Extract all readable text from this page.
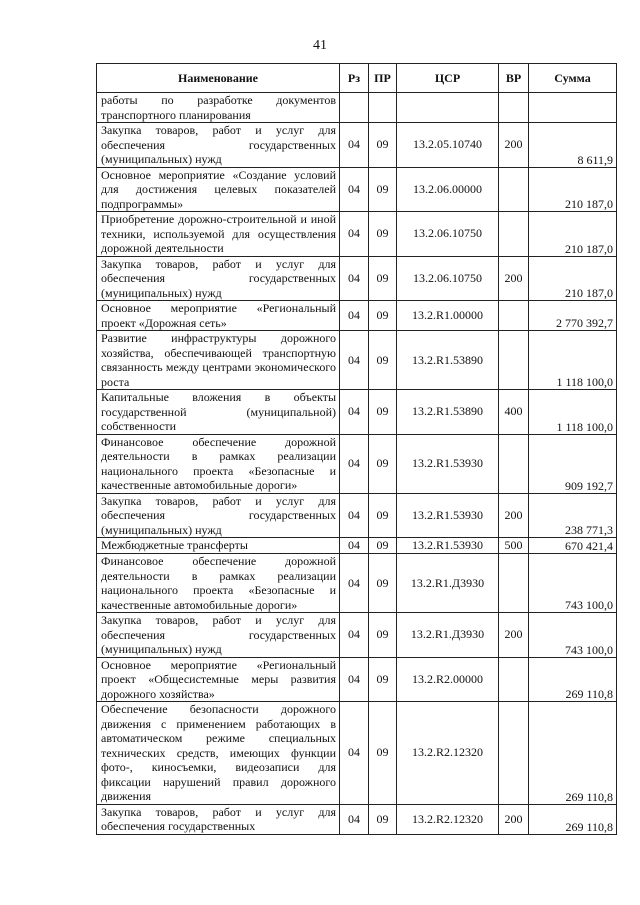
41
Наименование	Рз	ПР	ЦСР	ВР	Сумма
работы по разработке документов транспортного планирования					
Закупка товаров, работ и услуг для обеспечения государственных (муниципальных) нужд	04	09	13.2.05.10740	200	8 611,9
Основное мероприятие «Создание условий для достижения целевых показателей подпрограммы»	04	09	13.2.06.00000		210 187,0
Приобретение дорожно-строительной и иной техники, используемой для осуществления дорожной деятельности	04	09	13.2.06.10750		210 187,0
Закупка товаров, работ и услуг для обеспечения государственных (муниципальных) нужд	04	09	13.2.06.10750	200	210 187,0
Основное мероприятие «Региональный проект «Дорожная сеть»	04	09	13.2.R1.00000		2 770 392,7
Развитие инфраструктуры дорожного хозяйства, обеспечивающей транспортную связанность между центрами экономического роста	04	09	13.2.R1.53890		1 118 100,0
Капитальные вложения в объекты государственной (муниципальной) собственности	04	09	13.2.R1.53890	400	1 118 100,0
Финансовое обеспечение дорожной деятельности в рамках реализации национального проекта «Безопасные и качественные автомобильные дороги»	04	09	13.2.R1.53930		909 192,7
Закупка товаров, работ и услуг для обеспечения государственных (муниципальных) нужд	04	09	13.2.R1.53930	200	238 771,3
Межбюджетные трансферты	04	09	13.2.R1.53930	500	670 421,4
Финансовое обеспечение дорожной деятельности в рамках реализации национального проекта «Безопасные и качественные автомобильные дороги»	04	09	13.2.R1.Д3930		743 100,0
Закупка товаров, работ и услуг для обеспечения государственных (муниципальных) нужд	04	09	13.2.R1.Д3930	200	743 100,0
Основное мероприятие «Региональный проект «Общесистемные меры развития дорожного хозяйства»	04	09	13.2.R2.00000		269 110,8
Обеспечение безопасности дорожного движения с применением работающих в автоматическом режиме специальных технических средств, имеющих функции фото-, киносъемки, видеозаписи для фиксации нарушений правил дорожного движения	04	09	13.2.R2.12320		269 110,8
Закупка товаров, работ и услуг для обеспечения государственных	04	09	13.2.R2.12320	200	269 110,8
